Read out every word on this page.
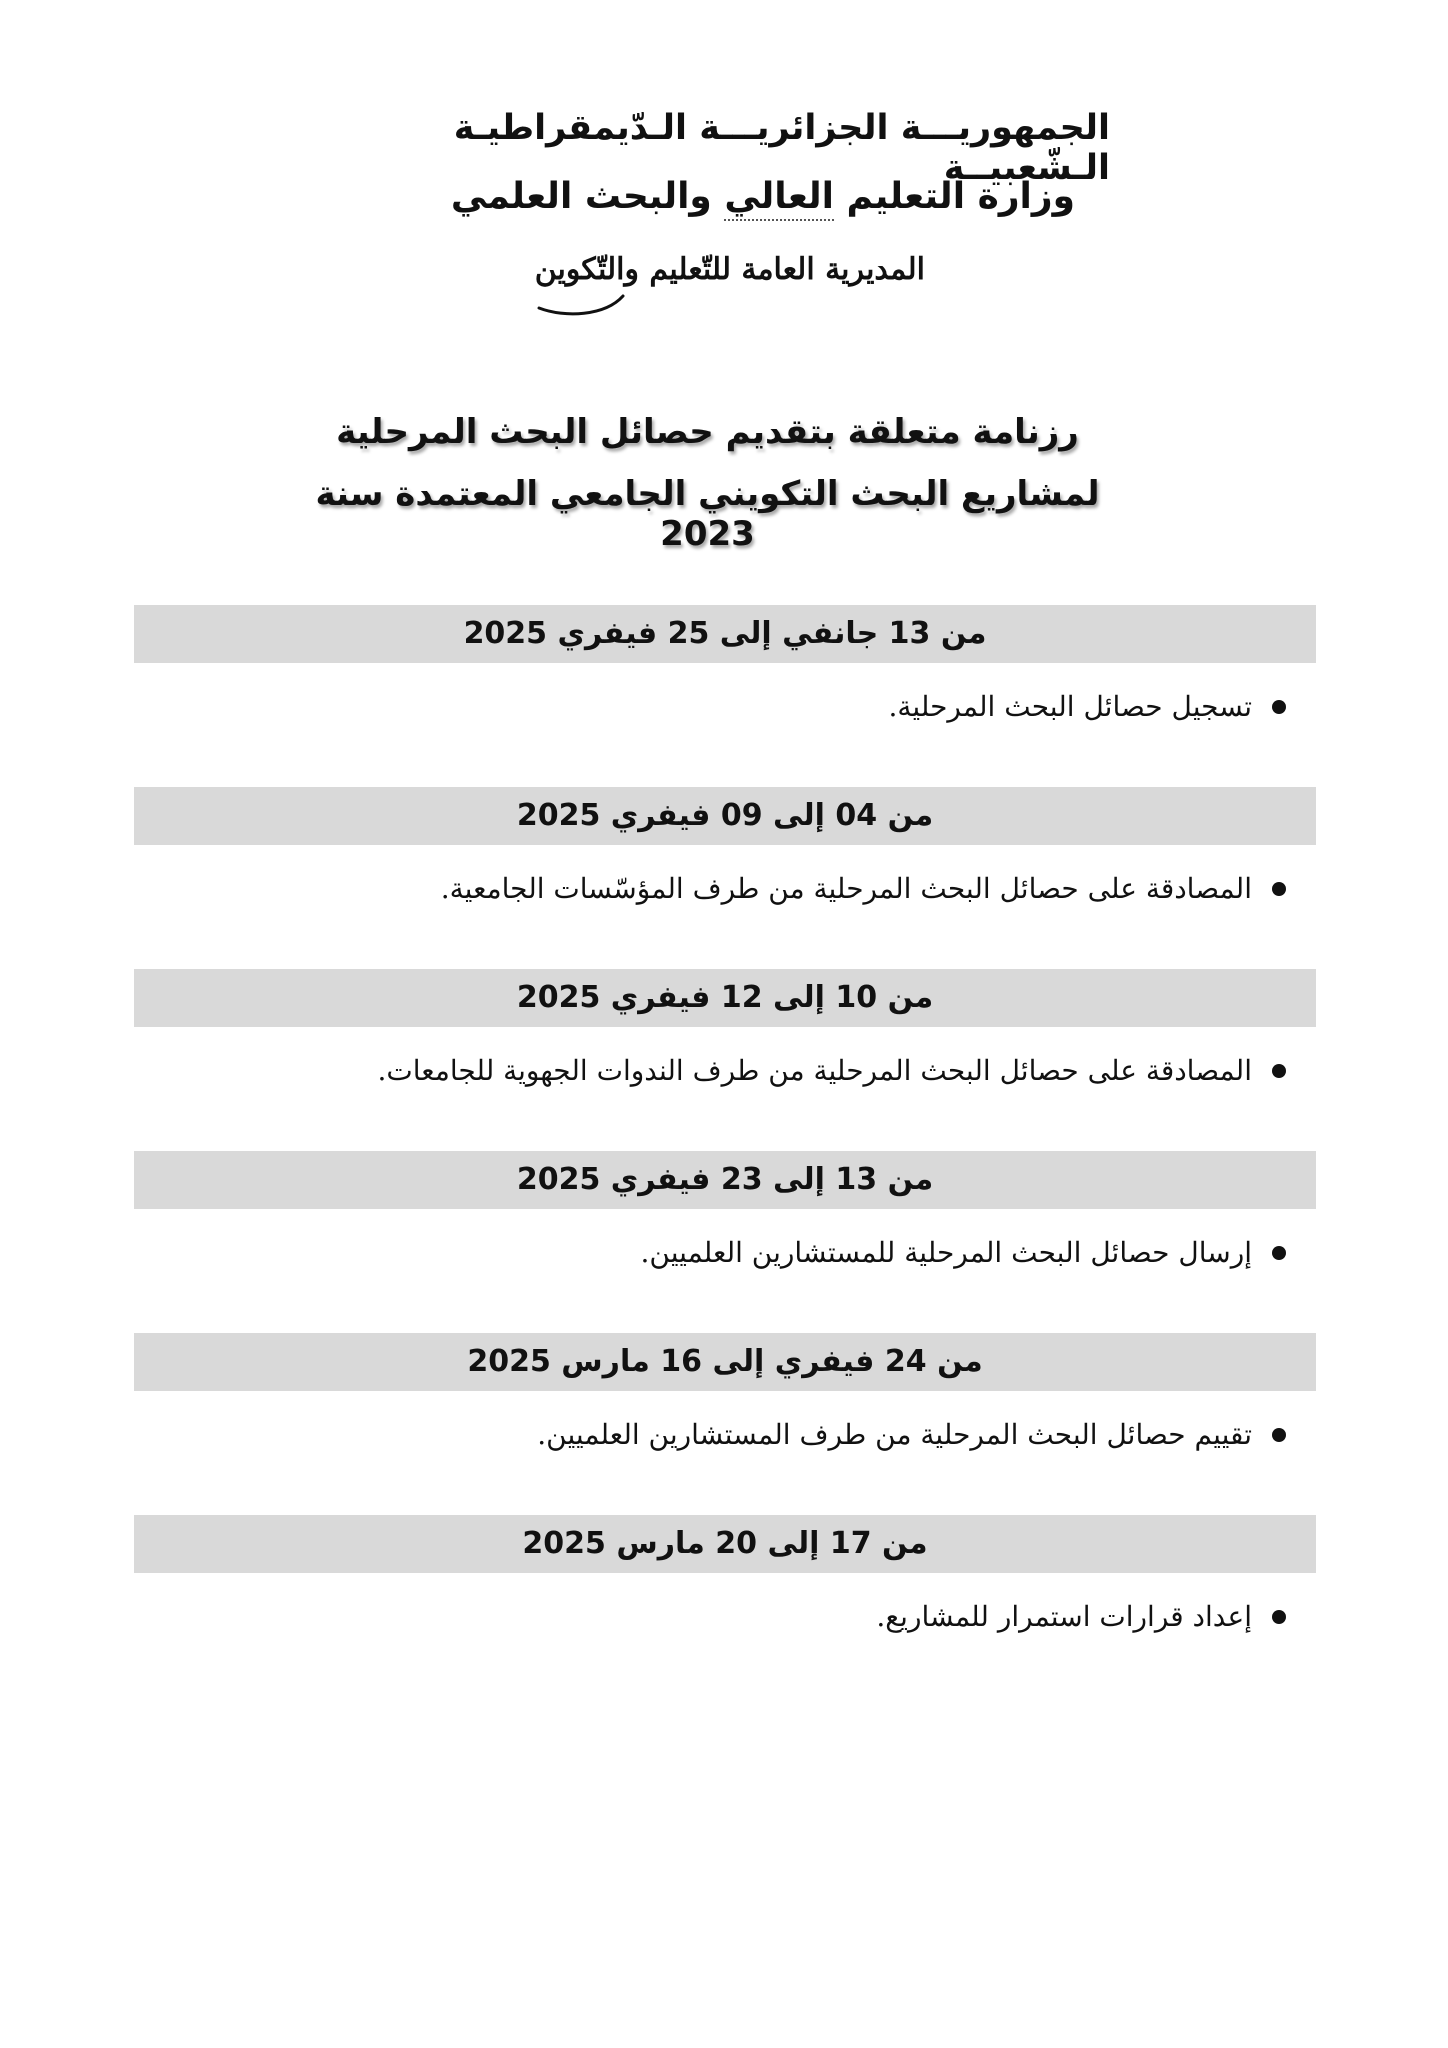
الجمهوريـــة الجزائريـــة الـدّيمقراطيـة الـشّعبيــة
وزارة التعليم العالي والبحث العلمي
المديرية العامة للتّعليم والتّكوين
رزنامة متعلقة بتقديم حصائل البحث المرحلية
لمشاريع البحث التكويني الجامعي المعتمدة سنة 2023
من 13 جانفي إلى 25 فيفري 2025
تسجيل حصائل البحث المرحلية.
من 04 إلى 09 فيفري 2025
المصادقة على حصائل البحث المرحلية من طرف المؤسّسات الجامعية.
من 10 إلى 12 فيفري 2025
المصادقة على حصائل البحث المرحلية من طرف الندوات الجهوية للجامعات.
من 13 إلى 23 فيفري 2025
إرسال حصائل البحث المرحلية للمستشارين العلميين.
من 24 فيفري إلى 16 مارس 2025
تقييم حصائل البحث المرحلية من طرف المستشارين العلميين.
من 17 إلى 20 مارس 2025
إعداد قرارات استمرار للمشاريع.
